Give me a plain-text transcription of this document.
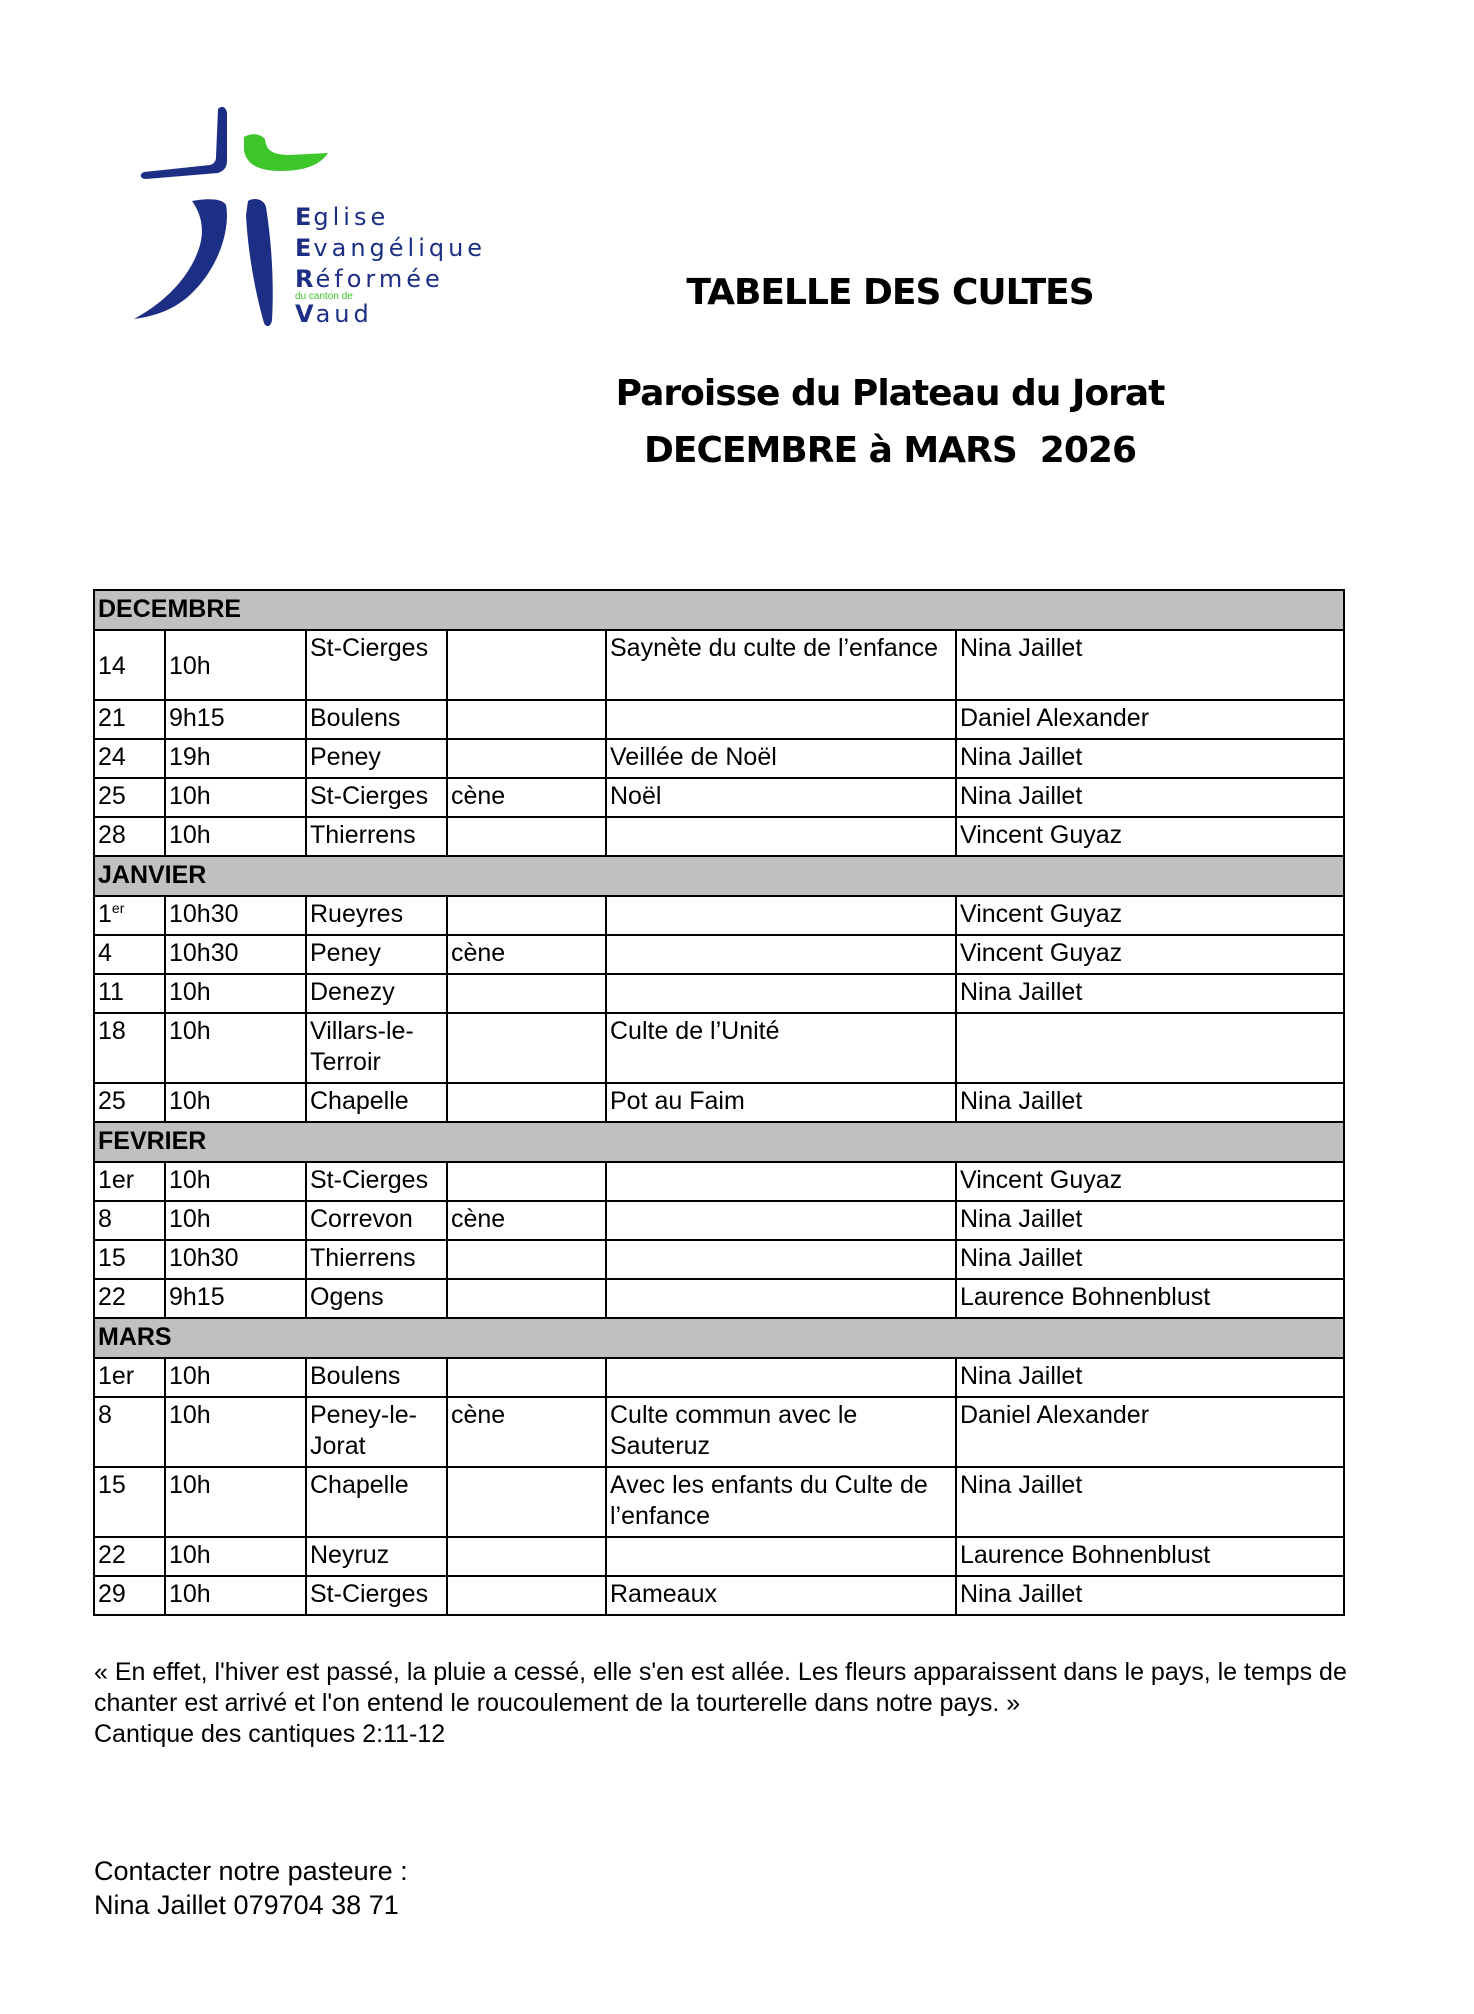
Eglise
Evangélique
Réformée
du canton de
Vaud
TABELLE DES CULTES
Paroisse du Plateau du Jorat
DECEMBRE à MARS  2026
DECEMBRE					
14	10h	St-Cierges		Saynète du culte de l’enfance	Nina Jaillet
21	9h15	Boulens			Daniel Alexander
24	19h	Peney		Veillée de Noël	Nina Jaillet
25	10h	St-Cierges	cène	Noël	Nina Jaillet
28	10h	Thierrens			Vincent Guyaz
JANVIER					
1er	10h30	Rueyres			Vincent Guyaz
4	10h30	Peney	cène		Vincent Guyaz
11	10h	Denezy			Nina Jaillet
18	10h	Villars-le-Terroir		Culte de l’Unité	
25	10h	Chapelle		Pot au Faim	Nina Jaillet
FEVRIER					
1er	10h	St-Cierges			Vincent Guyaz
8	10h	Correvon	cène		Nina Jaillet
15	10h30	Thierrens			Nina Jaillet
22	9h15	Ogens			Laurence Bohnenblust
MARS					
1er	10h	Boulens			Nina Jaillet
8	10h	Peney-le-Jorat	cène	Culte commun avec le Sauteruz	Daniel Alexander
15	10h	Chapelle		Avec les enfants du Culte de l’enfance	Nina Jaillet
22	10h	Neyruz			Laurence Bohnenblust
29	10h	St-Cierges		Rameaux	Nina Jaillet
« En effet, l'hiver est passé, la pluie a cessé, elle s'en est allée. Les fleurs apparaissent dans le pays, le temps de chanter est arrivé et l'on entend le roucoulement de la tourterelle dans notre pays. »
Cantique des cantiques 2:11-12
Contacter notre pasteure :
Nina Jaillet 079704 38 71
